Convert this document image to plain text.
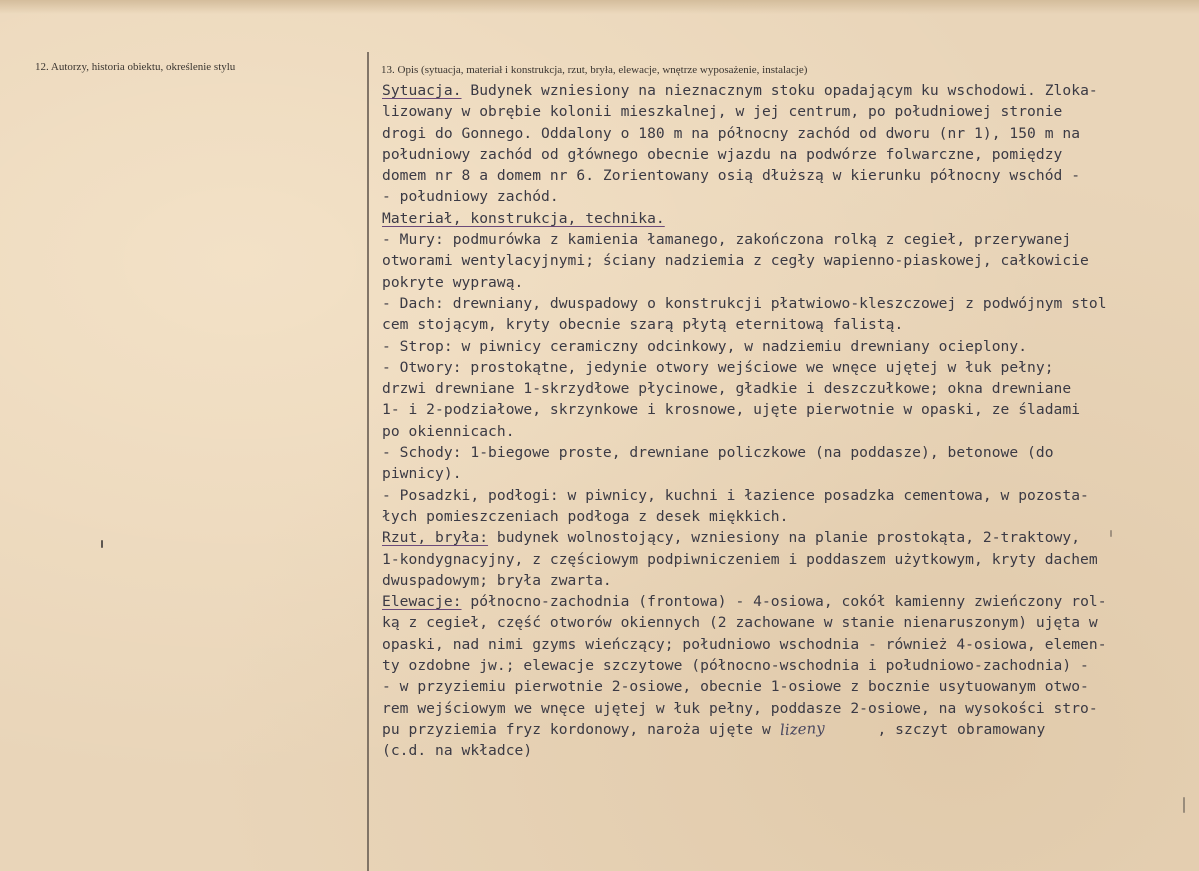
12. Autorzy, historia obiektu, określenie stylu	13. Opis (sytuacja, materiał i konstrukcja, rzut, bryła, elewacje, wnętrze wyposażenie, instalacje)
Sytuacja. Budynek wzniesiony na nieznacznym stoku opadającym ku wschodowi. Zloka-
lizowany w obrębie kolonii mieszkalnej, w jej centrum, po południowej stronie
drogi do Gonnego. Oddalony o 180 m na północny zachód od dworu (nr 1), 150 m na
południowy zachód od głównego obecnie wjazdu na podwórze folwarczne, pomiędzy
domem nr 8 a domem nr 6. Zorientowany osią dłuższą w kierunku północny wschód -
- południowy zachód.
Materiał, konstrukcja, technika.
- Mury: podmurówka z kamienia łamanego, zakończona rolką z cegieł, przerywanej
otworami wentylacyjnymi; ściany nadziemia z cegły wapienno-piaskowej, całkowicie
pokryte wyprawą.
- Dach: drewniany, dwuspadowy o konstrukcji płatwiowo-kleszczowej z podwójnym stol
cem stojącym, kryty obecnie szarą płytą eternitową falistą.
- Strop: w piwnicy ceramiczny odcinkowy, w nadziemiu drewniany ocieplony.
- Otwory: prostokątne, jedynie otwory wejściowe we wnęce ujętej w łuk pełny;
drzwi drewniane 1-skrzydłowe płycinowe, gładkie i deszczułkowe; okna drewniane
1- i 2-podziałowe, skrzynkowe i krosnowe, ujęte pierwotnie w opaski, ze śladami
po okiennicach.
- Schody: 1-biegowe proste, drewniane policzkowe (na poddasze), betonowe (do
piwnicy).
- Posadzki, podłogi: w piwnicy, kuchni i łazience posadzka cementowa, w pozosta-
łych pomieszczeniach podłoga z desek miękkich.
Rzut, bryła: budynek wolnostojący, wzniesiony na planie prostokąta, 2-traktowy,
1-kondygnacyjny, z częściowym podpiwniczeniem i poddaszem użytkowym, kryty dachem
dwuspadowym; bryła zwarta.
Elewacje: północno-zachodnia (frontowa) - 4-osiowa, cokół kamienny zwieńczony rol-
ką z cegieł, część otworów okiennych (2 zachowane w stanie nienaruszonym) ujęta w
opaski, nad nimi gzyms wieńczący; południowo wschodnia - również 4-osiowa, elemen-
ty ozdobne jw.; elewacje szczytowe (północno-wschodnia i południowo-zachodnia) -
- w przyziemiu pierwotnie 2-osiowe, obecnie 1-osiowe z bocznie usytuowanym otwo-
rem wejściowym we wnęce ujętej w łuk pełny, poddasze 2-osiowe, na wysokości stro-
pu przyziemia fryz kordonowy, naroża ujęte w lizeny      , szczyt obramowany
(c.d. na wkładce)
